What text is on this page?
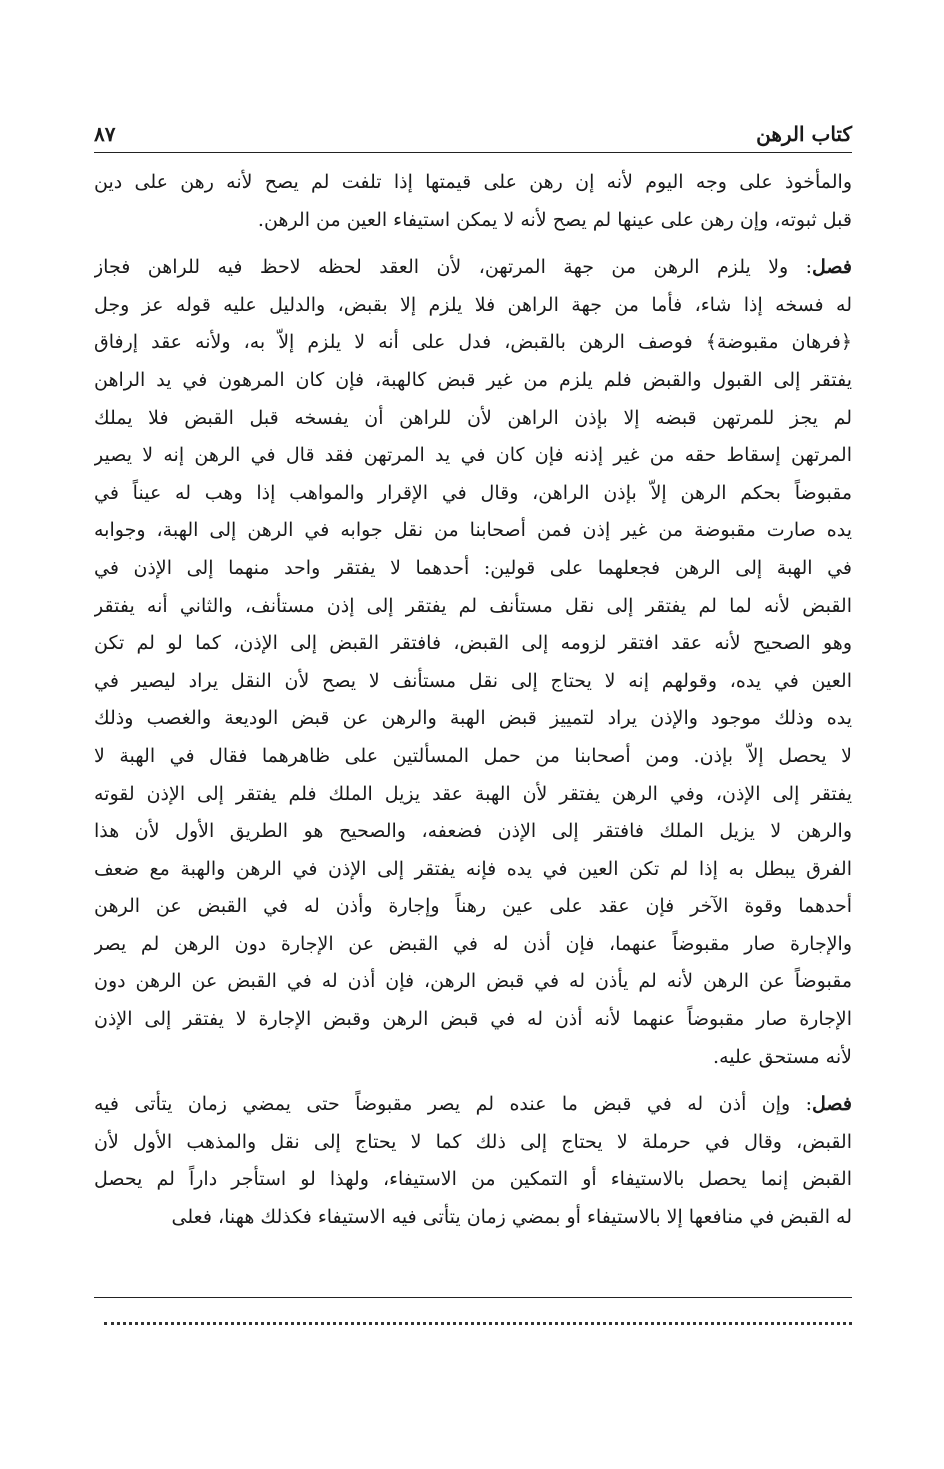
كتاب الرهن
٨٧
والمأخوذ على وجه اليوم لأنه إن رهن على قيمتها إذا تلفت لم يصح لأنه رهن على دين
قبل ثبوته، وإن رهن على عينها لم يصح لأنه لا يمكن استيفاء العين من الرهن.
فصل: ولا يلزم الرهن من جهة المرتهن، لأن العقد لحظه لاحظ فيه للراهن فجاز
له فسخه إذا شاء، فأما من جهة الراهن فلا يلزم إلا بقبض، والدليل عليه قوله عز وجل
﴿فرهان مقبوضة﴾ فوصف الرهن بالقبض، فدل على أنه لا يلزم إلاّ به، ولأنه عقد إرفاق
يفتقر إلى القبول والقبض فلم يلزم من غير قبض كالهبة، فإن كان المرهون في يد الراهن
لم يجز للمرتهن قبضه إلا بإذن الراهن لأن للراهن أن يفسخه قبل القبض فلا يملك
المرتهن إسقاط حقه من غير إذنه فإن كان في يد المرتهن فقد قال في الرهن إنه لا يصير
مقبوضاً بحكم الرهن إلاّ بإذن الراهن، وقال في الإقرار والمواهب إذا وهب له عيناً في
يده صارت مقبوضة من غير إذن فمن أصحابنا من نقل جوابه في الرهن إلى الهبة، وجوابه
في الهبة إلى الرهن فجعلهما على قولين: أحدهما لا يفتقر واحد منهما إلى الإذن في
القبض لأنه لما لم يفتقر إلى نقل مستأنف لم يفتقر إلى إذن مستأنف، والثاني أنه يفتقر
وهو الصحيح لأنه عقد افتقر لزومه إلى القبض، فافتقر القبض إلى الإذن، كما لو لم تكن
العين في يده، وقولهم إنه لا يحتاج إلى نقل مستأنف لا يصح لأن النقل يراد ليصير في
يده وذلك موجود والإذن يراد لتمييز قبض الهبة والرهن عن قبض الوديعة والغصب وذلك
لا يحصل إلاّ بإذن. ومن أصحابنا من حمل المسألتين على ظاهرهما فقال في الهبة لا
يفتقر إلى الإذن، وفي الرهن يفتقر لأن الهبة عقد يزيل الملك فلم يفتقر إلى الإذن لقوته
والرهن لا يزيل الملك فافتقر إلى الإذن فضعفه، والصحيح هو الطريق الأول لأن هذا
الفرق يبطل به إذا لم تكن العين في يده فإنه يفتقر إلى الإذن في الرهن والهبة مع ضعف
أحدهما وقوة الآخر فإن عقد على عين رهناً وإجارة وأذن له في القبض عن الرهن
والإجارة صار مقبوضاً عنهما، فإن أذن له في القبض عن الإجارة دون الرهن لم يصر
مقبوضاً عن الرهن لأنه لم يأذن له في قبض الرهن، فإن أذن له في القبض عن الرهن دون
الإجارة صار مقبوضاً عنهما لأنه أذن له في قبض الرهن وقبض الإجارة لا يفتقر إلى الإذن
لأنه مستحق عليه.
فصل: وإن أذن له في قبض ما عنده لم يصر مقبوضاً حتى يمضي زمان يتأتى فيه
القبض، وقال في حرملة لا يحتاج إلى ذلك كما لا يحتاج إلى نقل والمذهب الأول لأن
القبض إنما يحصل بالاستيفاء أو التمكين من الاستيفاء، ولهذا لو استأجر داراً لم يحصل
له القبض في منافعها إلا بالاستيفاء أو بمضي زمان يتأتى فيه الاستيفاء فكذلك ههنا، فعلى
